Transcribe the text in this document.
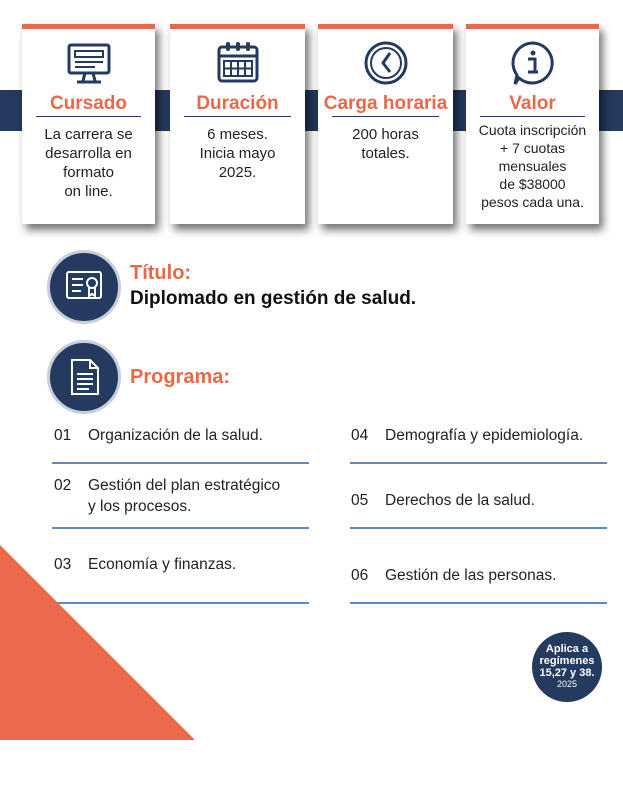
Cursado
La carrera se
desarrolla en
formato
on line.
Duración
6 meses.
Inicia mayo
2025.
Carga horaria
200 horas
totales.
Valor
Cuota inscripción
+ 7 cuotas
mensuales
de $38000
pesos cada una.
Título:
Diplomado en gestión de salud.
Programa:
01 Organización de la salud.
02 Gestión del plan estratégico
y los procesos.
03 Economía y finanzas.
04 Demografía y epidemiología.
05 Derechos de la salud.
06 Gestión de las personas.
Aplica a
regímenes
15,27 y 38.
2025
